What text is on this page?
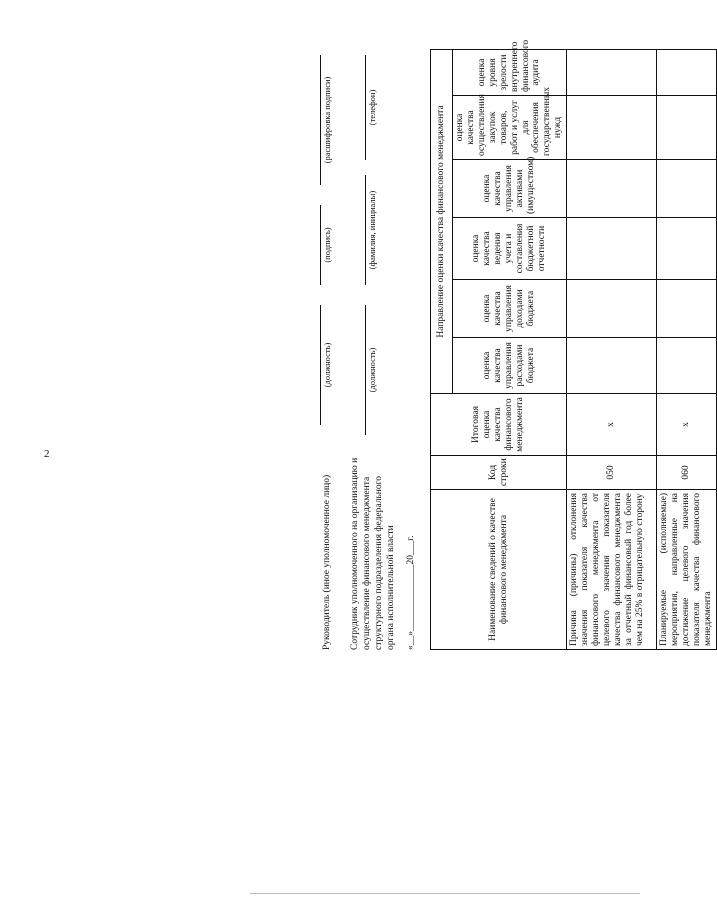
2
Наименование сведений о качестве финансового менеджмента	Код строки	Итоговая оценка качества финансового менеджмента	Направление оценки качества финансового менеджмента					
			оценка качества управления расходами бюджета	оценка качества управления доходами бюджета	оценка качества ведения учета и составления бюджетной отчетности	оценка качества управления активами (имуществом)	оценка качества осуществления закупок товаров, работ и услуг для обеспечения государственных нужд	оценка уровня зрелости внутреннего финансового аудита
Причина (причины) отклонения значения показателя качества финансового менеджмента от целевого значения показателя качества финансового менеджмента за отчетный финансовый год более чем на 25% в отрицательную сторону	050	x						
Планируемые (исполняемые) мероприятия, направленные на достижение целевого значения показателя качества финансового менеджмента	060	x						
Руководитель (иное уполномоченное лицо) Сотрудник уполномоченного на организацию и осуществление финансового менеджмента структурного подразделения федерального органа исполнительной власти «__»______________20___г.
(должность)
(подпись)
(расшифровка подписи)
(должность)
(фамилия, инициалы)
(телефон)
